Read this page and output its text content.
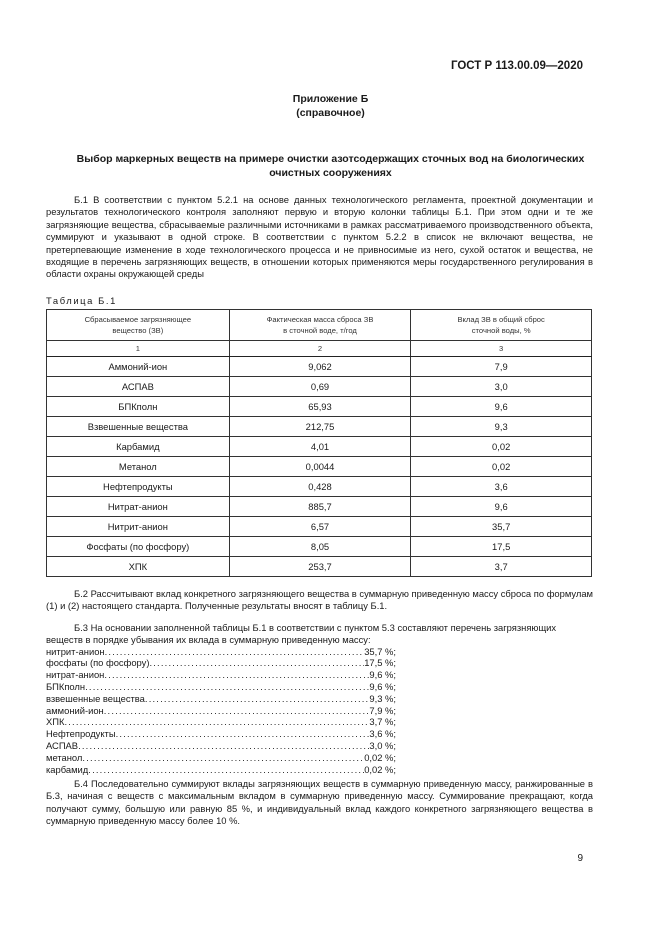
ГОСТ Р 113.00.09—2020
Приложение Б
(справочное)
Выбор маркерных веществ на примере очистки азотсодержащих сточных вод на биологических очистных сооружениях
Б.1 В соответствии с пунктом 5.2.1 на основе данных технологического регламента, проектной документации и результатов технологического контроля заполняют первую и вторую колонки таблицы Б.1. При этом одни и те же загрязняющие вещества, сбрасываемые различными источниками в рамках рассматриваемого производственного объекта, суммируют и указывают в одной строке. В соответствии с пунктом 5.2.2 в список не включают вещества, не претерпевающие изменение в ходе технологического процесса и не привносимые из него, сухой остаток и вещества, не входящие в перечень загрязняющих веществ, в отношении которых применяются меры государственного регулирования в области охраны окружающей среды
Таблица Б.1
Сбрасываемое загрязняющее вещество (ЗВ)	Фактическая масса сброса ЗВ в сточной воде, т/год	Вклад ЗВ в общий сброс сточной воды, %

1	2	3
Аммоний-ион	9,062	7,9
АСПАВ	0,69	3,0
БПКполн	65,93	9,6
Взвешенные вещества	212,75	9,3
Карбамид	4,01	0,02
Метанол	0,0044	0,02
Нефтепродукты	0,428	3,6
Нитрат-анион	885,7	9,6
Нитрит-анион	6,57	35,7
Фосфаты (по фосфору)	8,05	17,5
ХПК	253,7	3,7
Б.2 Рассчитывают вклад конкретного загрязняющего вещества в суммарную приведенную массу сброса по формулам (1) и (2) настоящего стандарта. Полученные результаты вносят в таблицу Б.1.

Б.3 На основании заполненной таблицы Б.1 в соответствии с пунктом 5.3 составляют перечень загрязняющих

веществ в порядке убывания их вклада в суммарную приведенную массу:

нитрит-анион .....	35,7 %;
фосфаты (по фосфору) .....	17,5 %;
нитрат-анион .....	9,6 %;
БПКполн .....	9,6 %;
взвешенные вещества .....	9,3 %;
аммоний-ион .....	7,9 %;
ХПК .....	3,7 %;
Нефтепродукты .....	3,6 %;
АСПАВ .....	3,0 %;
метанол .....	0,02 %;
карбамид .....	0,02 %;
Б.4 Последовательно суммируют вклады загрязняющих веществ в суммарную приведенную массу, ранжированные в Б.3, начиная с веществ с максимальным вкладом в суммарную приведенную массу. Суммирование прекращают, когда получают сумму, большую или равную 85 %, и индивидуальный вклад каждого конкретного загрязняющего вещества в суммарную приведенную массу более 10 %.
9
